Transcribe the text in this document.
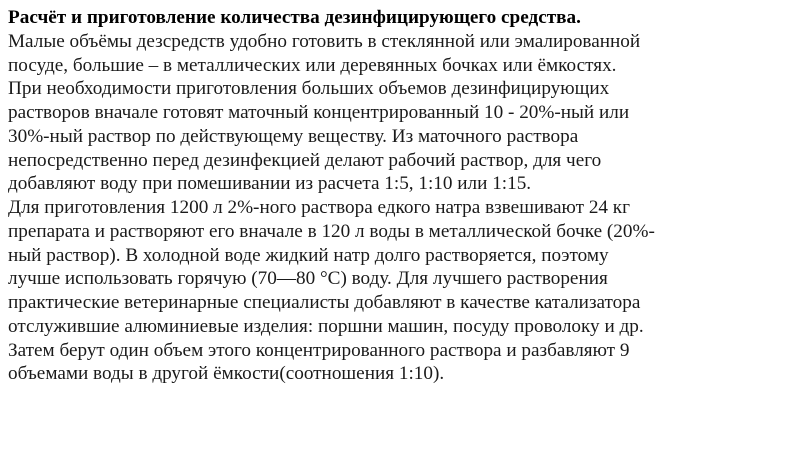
Расчёт и приготовление количества дезинфицирующего средства.
Малые объёмы дезсредств удобно готовить в стеклянной или эмалированной
посуде, большие – в металлических или деревянных бочках или ёмкостях.
При необходимости приготовления больших объемов дезинфицирующих
растворов вначале готовят маточный концентрированный 10 - 20%-ный или
30%-ный раствор по действующему веществу. Из маточного раствора
непосредственно перед дезинфекцией делают рабочий раствор, для чего
добавляют воду при помешивании из расчета 1:5, 1:10 или 1:15.
Для приготовления 1200 л 2%-ного раствора едкого натра взвешивают 24 кг
препарата и растворяют его вначале в 120 л воды в металлической бочке (20%-
ный раствор). В холодной воде жидкий натр долго растворяется, поэтому
лучше использовать горячую (70—80 °С) воду. Для лучшего растворения
практические ветеринарные специалисты добавляют в качестве катализатора
отслужившие алюминиевые изделия: поршни машин, посуду проволоку и др.
Затем берут один объем этого концентрированного раствора и разбавляют 9
объемами воды в другой ёмкости(соотношения 1:10).
